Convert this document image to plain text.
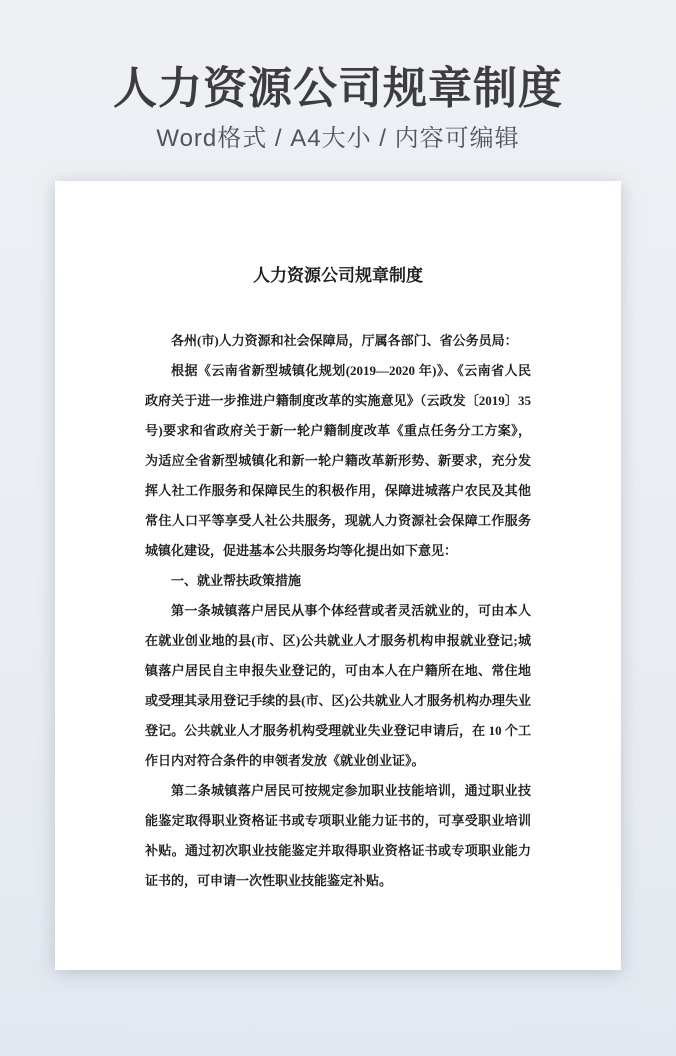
人力资源公司规章制度

Word格式 / A4大小 / 内容可编辑

人力资源公司规章制度

各州(市)人力资源和社会保障局，厅属各部门、省公务员局：

根据《云南省新型城镇化规划(2019—2020 年)》、《云南省人民政府关于进一步推进户籍制度改革的实施意见》（云政发〔2019〕35 号)要求和省政府关于新一轮户籍制度改革《重点任务分工方案》，为适应全省新型城镇化和新一轮户籍改革新形势、新要求，充分发挥人社工作服务和保障民生的积极作用，保障进城落户农民及其他常住人口平等享受人社公共服务，现就人力资源社会保障工作服务城镇化建设，促进基本公共服务均等化提出如下意见：

一、就业帮扶政策措施

第一条城镇落户居民从事个体经营或者灵活就业的，可由本人在就业创业地的县(市、区)公共就业人才服务机构申报就业登记;城镇落户居民自主申报失业登记的，可由本人在户籍所在地、常住地或受理其录用登记手续的县(市、区)公共就业人才服务机构办理失业登记。公共就业人才服务机构受理就业失业登记申请后，在 10 个工作日内对符合条件的申领者发放《就业创业证》。

第二条城镇落户居民可按规定参加职业技能培训，通过职业技能鉴定取得职业资格证书或专项职业能力证书的，可享受职业培训补贴。通过初次职业技能鉴定并取得职业资格证书或专项职业能力证书的，可申请一次性职业技能鉴定补贴。
